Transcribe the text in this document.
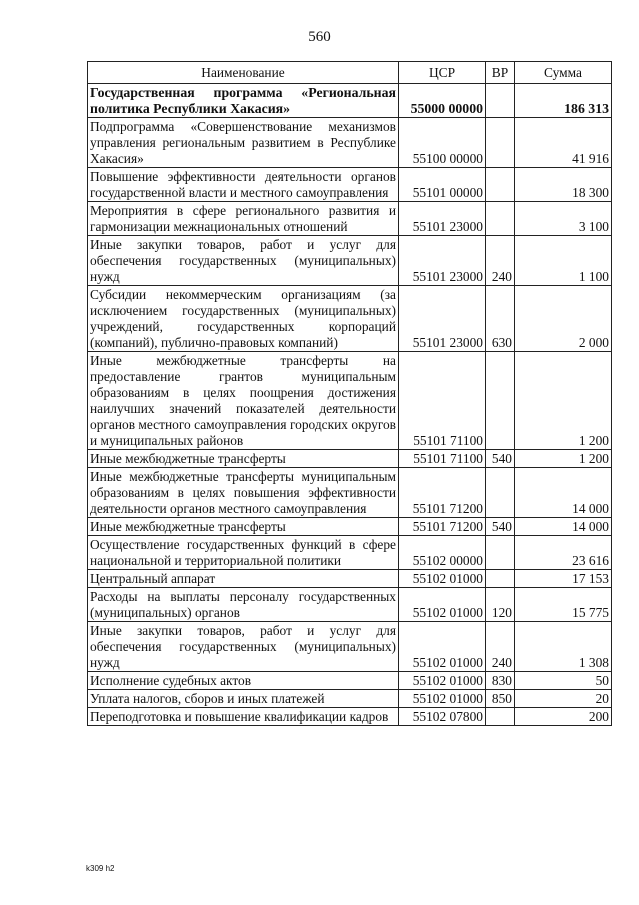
560
Наименование	ЦСР	ВР	Сумма
Государственная программа «Региональная политика Республики Хакасия»	55000 00000		186 313
Подпрограмма «Совершенствование механизмов управления региональным развитием в Республике Хакасия»	55100 00000		41 916
Повышение эффективности деятельности органов государственной власти и местного самоуправления	55101 00000		18 300
Мероприятия в сфере регионального развития и гармонизации межнациональных отношений	55101 23000		3 100
Иные закупки товаров, работ и услуг для обеспечения государственных (муниципальных) нужд	55101 23000	240	1 100
Субсидии некоммерческим организациям (за исключением государственных (муниципальных) учреждений, государственных корпораций (компаний), публично-правовых компаний)	55101 23000	630	2 000
Иные межбюджетные трансферты на предоставление грантов муниципальным образованиям в целях поощрения достижения наилучших значений показателей деятельности органов местного самоуправления городских округов и муниципальных районов	55101 71100		1 200
Иные межбюджетные трансферты	55101 71100	540	1 200
Иные межбюджетные трансферты муниципальным образованиям в целях повышения эффективности деятельности органов местного самоуправления	55101 71200		14 000
Иные межбюджетные трансферты	55101 71200	540	14 000
Осуществление государственных функций в сфере национальной и территориальной политики	55102 00000		23 616
Центральный аппарат	55102 01000		17 153
Расходы на выплаты персоналу государственных (муниципальных) органов	55102 01000	120	15 775
Иные закупки товаров, работ и услуг для обеспечения государственных (муниципальных) нужд	55102 01000	240	1 308
Исполнение судебных актов	55102 01000	830	50
Уплата налогов, сборов и иных платежей	55102 01000	850	20
Переподготовка и повышение квалификации кадров	55102 07800		200
k309 h2
